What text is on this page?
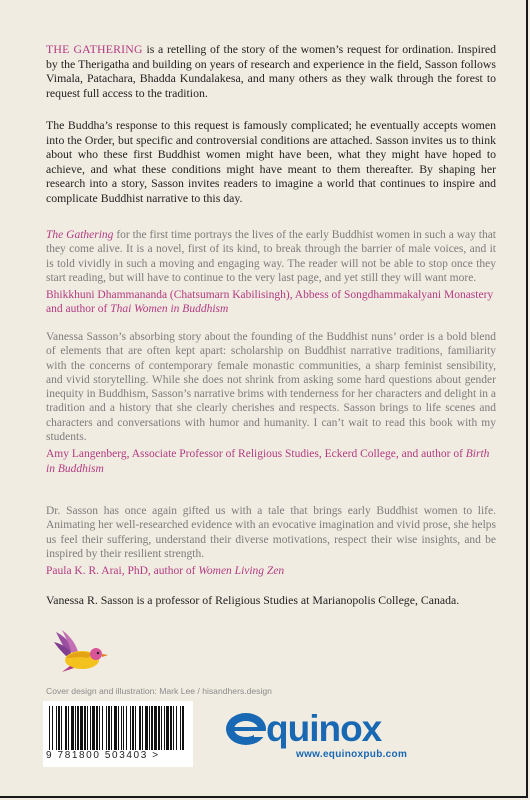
THE GATHERING is a retelling of the story of the women’s request for ordination. Inspired by the Therigatha and building on years of research and experience in the field, Sasson follows Vimala, Patachara, Bhadda Kundalakesa, and many others as they walk through the forest to request full access to the tradition.

The Buddha’s response to this request is famously complicated; he eventually accepts women into the Order, but specific and controversial conditions are attached. Sasson invites us to think about who these first Buddhist women might have been, what they might have hoped to achieve, and what these conditions might have meant to them thereafter. By shaping her research into a story, Sasson invites readers to imagine a world that continues to inspire and complicate Buddhist narrative to this day.

The Gathering for the first time portrays the lives of the early Buddhist women in such a way that they come alive. It is a novel, first of its kind, to break through the barrier of male voices, and it is told vividly in such a moving and engaging way. The reader will not be able to stop once they start reading, but will have to continue to the very last page, and yet still they will want more.

Bhikkhuni Dhammananda (Chatsumarn Kabilisingh), Abbess of Songdhammakalyani Monastery and author of Thai Women in Buddhism

Vanessa Sasson’s absorbing story about the founding of the Buddhist nuns’ order is a bold blend of elements that are often kept apart: scholarship on Buddhist narrative traditions, familiarity with the concerns of contemporary female monastic communities, a sharp feminist sensibility, and vivid storytelling. While she does not shrink from asking some hard questions about gender inequity in Buddhism, Sasson’s narrative brims with tenderness for her characters and delight in a tradition and a history that she clearly cherishes and respects. Sasson brings to life scenes and characters and conversations with humor and humanity. I can’t wait to read this book with my students.

Amy Langenberg, Associate Professor of Religious Studies, Eckerd College, and author of Birth in Buddhism

Dr. Sasson has once again gifted us with a tale that brings early Buddhist women to life. Animating her well-researched evidence with an evocative imagination and vivid prose, she helps us feel their suffering, understand their diverse motivations, respect their wise insights, and be inspired by their resilient strength.

Paula K. R. Arai, PhD, author of Women Living Zen

Vanessa R. Sasson is a professor of Religious Studies at Marianopolis College, Canada.

Cover design and illustration: Mark Lee / hisandhers.design
9 781800 503403 >
quinox
www.equinoxpub.com
